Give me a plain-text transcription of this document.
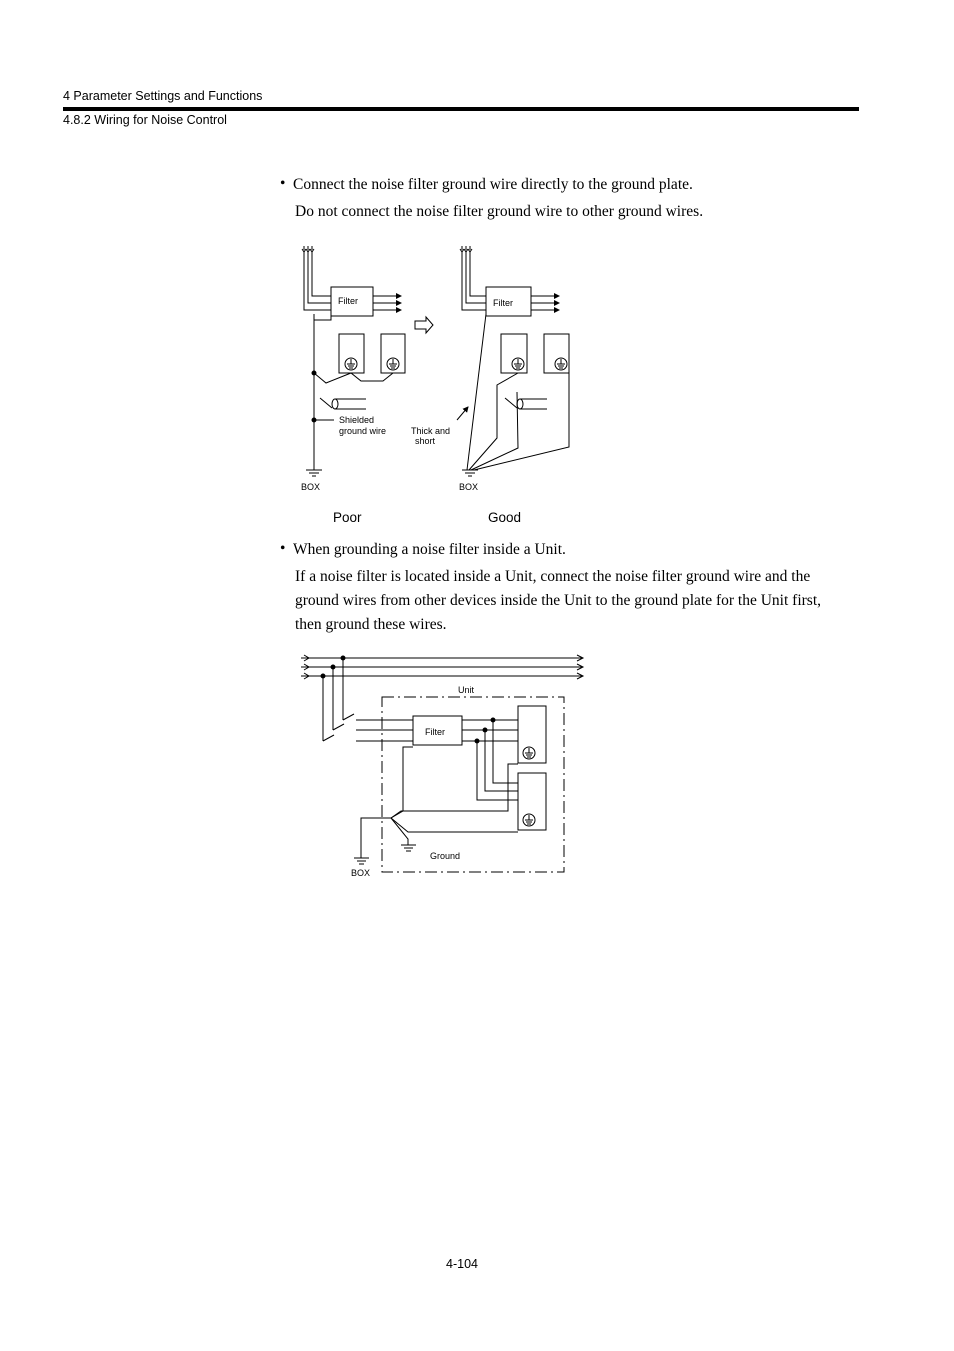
4 Parameter Settings and Functions
4.8.2 Wiring for Noise Control
• Connect the noise filter ground wire directly to the ground plate.
Do not connect the noise filter ground wire to other ground wires.
Filter	Filter
Shielded
ground wire	Thick and
short
BOX	BOX
Poor	Good
• When grounding a noise filter inside a Unit.
If a noise filter is located inside a Unit, connect the noise filter ground wire and the
ground wires from other devices inside the Unit to the ground plate for the Unit first,
then ground these wires.
Filter
Unit
Ground
BOX
4-104
